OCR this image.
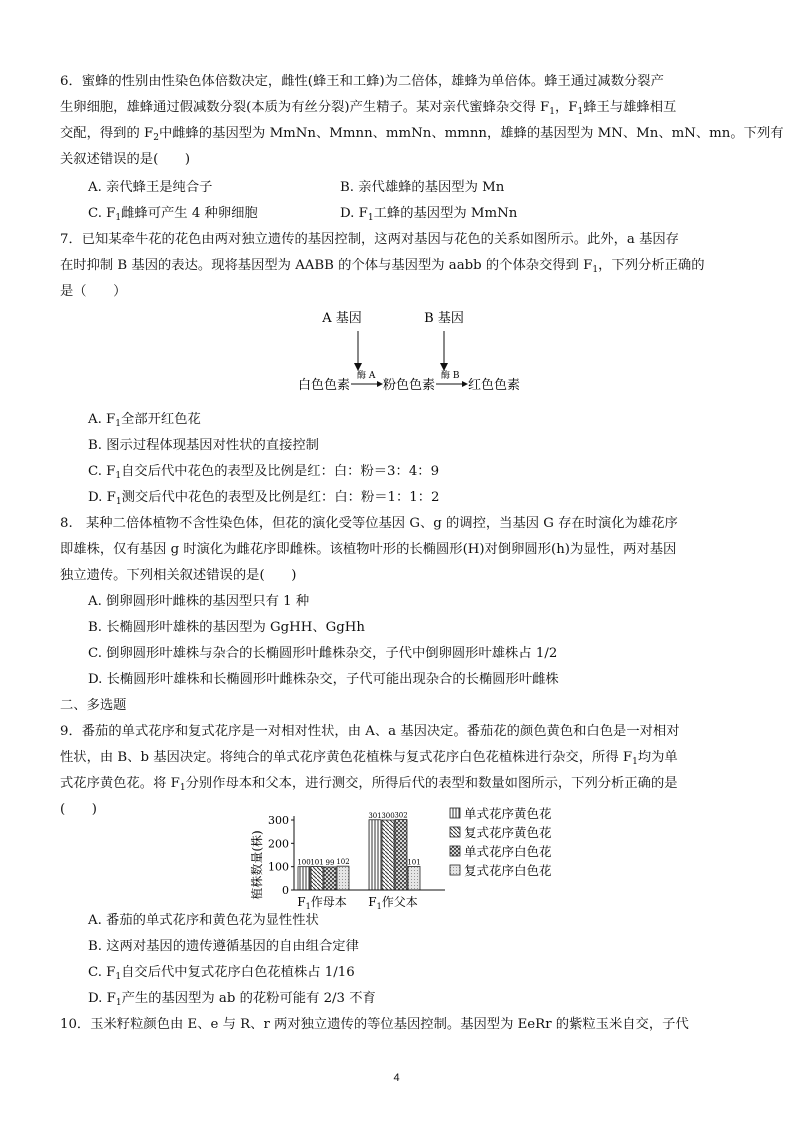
6．蜜蜂的性别由性染色体倍数决定，雌性(蜂王和工蜂)为二倍体，雄蜂为单倍体。蜂王通过减数分裂产
生卵细胞，雄蜂通过假减数分裂(本质为有丝分裂)产生精子。某对亲代蜜蜂杂交得 $F_1$，$F_1$蜂王与雄蜂相互
交配，得到的 $F_2$中雌蜂的基因型为 MmNn、Mmnn、mmNn、mmnn，雄蜂的基因型为 MN、Mn、mN、mn。下列有
关叙述错误的是(　　)
A. 亲代蜂王是纯合子	B. 亲代雄蜂的基因型为 Mn
C. $F_1$雌蜂可产生 4 种卵细胞	D. $F_1$工蜂的基因型为 MmNn
7．已知某牵牛花的花色由两对独立遗传的基因控制，这两对基因与花色的关系如图所示。此外，a 基因存
在时抑制 B 基因的表达。现将基因型为 AABB 的个体与基因型为 aabb 的个体杂交得到 $F_1$，下列分析正确的
是（　　）
A 基因	B 基因
白色色素
酶 A
粉色色素
酶 B
红色色素
A. $F_1$全部开红色花
B. 图示过程体现基因对性状的直接控制
C. $F_1$自交后代中花色的表型及比例是红：白：粉＝3：4：9
D. $F_1$测交后代中花色的表型及比例是红：白：粉＝1：1：2
8.　某种二倍体植物不含性染色体，但花的演化受等位基因 G、g 的调控，当基因 G 存在时演化为雄花序
即雄株，仅有基因 g 时演化为雌花序即雌株。该植物叶形的长椭圆形(H)对倒卵圆形(h)为显性，两对基因
独立遗传。下列相关叙述错误的是(　　)
A. 倒卵圆形叶雌株的基因型只有 1 种
B. 长椭圆形叶雄株的基因型为 GgHH、GgHh
C. 倒卵圆形叶雄株与杂合的长椭圆形叶雌株杂交，子代中倒卵圆形叶雄株占 1/2
D. 长椭圆形叶雄株和长椭圆形叶雌株杂交，子代可能出现杂合的长椭圆形叶雌株
二、多选题
9．番茄的单式花序和复式花序是一对相对性状，由 A、a 基因决定。番茄花的颜色黄色和白色是一对相对
性状，由 B、b 基因决定。将纯合的单式花序黄色花植株与复式花序白色花植株进行杂交，所得 $F_1$均为单
式花序黄色花。将 $F_1$分别作母本和父本，进行测交，所得后代的表型和数量如图所示，下列分析正确的是
(　　)
植株数量(株) 0
100
200
300
100 101 99 102
301 300 302
101
$F_1$作母本 $F_1$作父本
单式花序黄色花
复式花序黄色花
单式花序白色花
复式花序白色花
A. 番茄的单式花序和黄色花为显性性状
B. 这两对基因的遗传遵循基因的自由组合定律
C. $F_1$自交后代中复式花序白色花植株占 1/16
D. $F_1$产生的基因型为 ab 的花粉可能有 2/3 不育
10．玉米籽粒颜色由 E、e 与 R、r 两对独立遗传的等位基因控制。基因型为 EeRr 的紫粒玉米自交，子代
4
